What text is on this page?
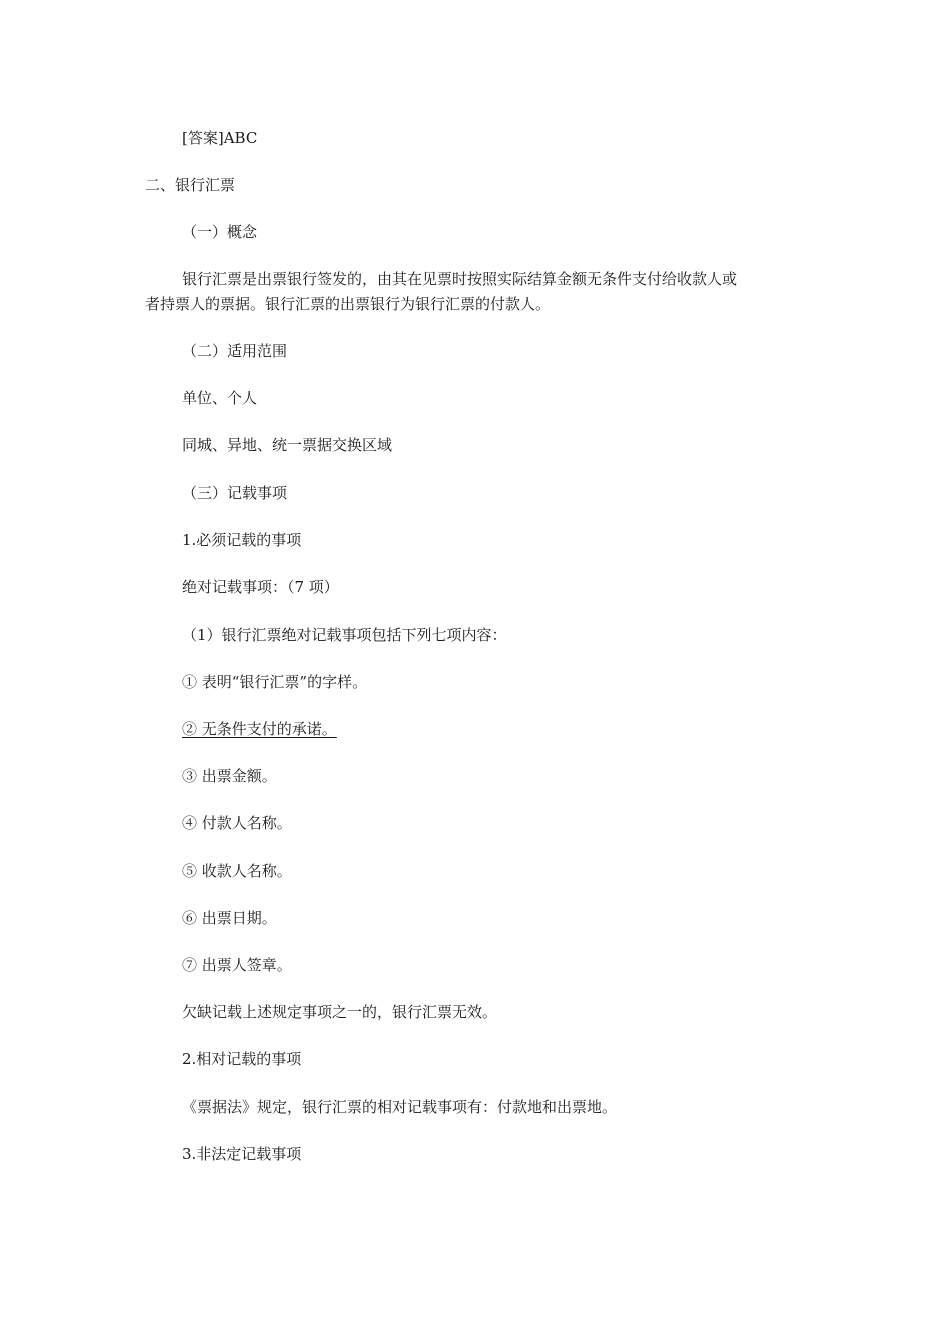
[答案]ABC
二、银行汇票
（一）概念
银行汇票是出票银行签发的，由其在见票时按照实际结算金额无条件支付给收款人或
者持票人的票据。银行汇票的出票银行为银行汇票的付款人。
（二）适用范围
单位、个人
同城、异地、统一票据交换区域
（三）记载事项
1.必须记载的事项
绝对记载事项：（7 项）
（1）银行汇票绝对记载事项包括下列七项内容：
① 表明“银行汇票”的字样。
② 无条件支付的承诺。
③ 出票金额。
④ 付款人名称。
⑤ 收款人名称。
⑥ 出票日期。
⑦ 出票人签章。
欠缺记载上述规定事项之一的，银行汇票无效。
2.相对记载的事项
《票据法》规定，银行汇票的相对记载事项有：付款地和出票地。
3.非法定记载事项
